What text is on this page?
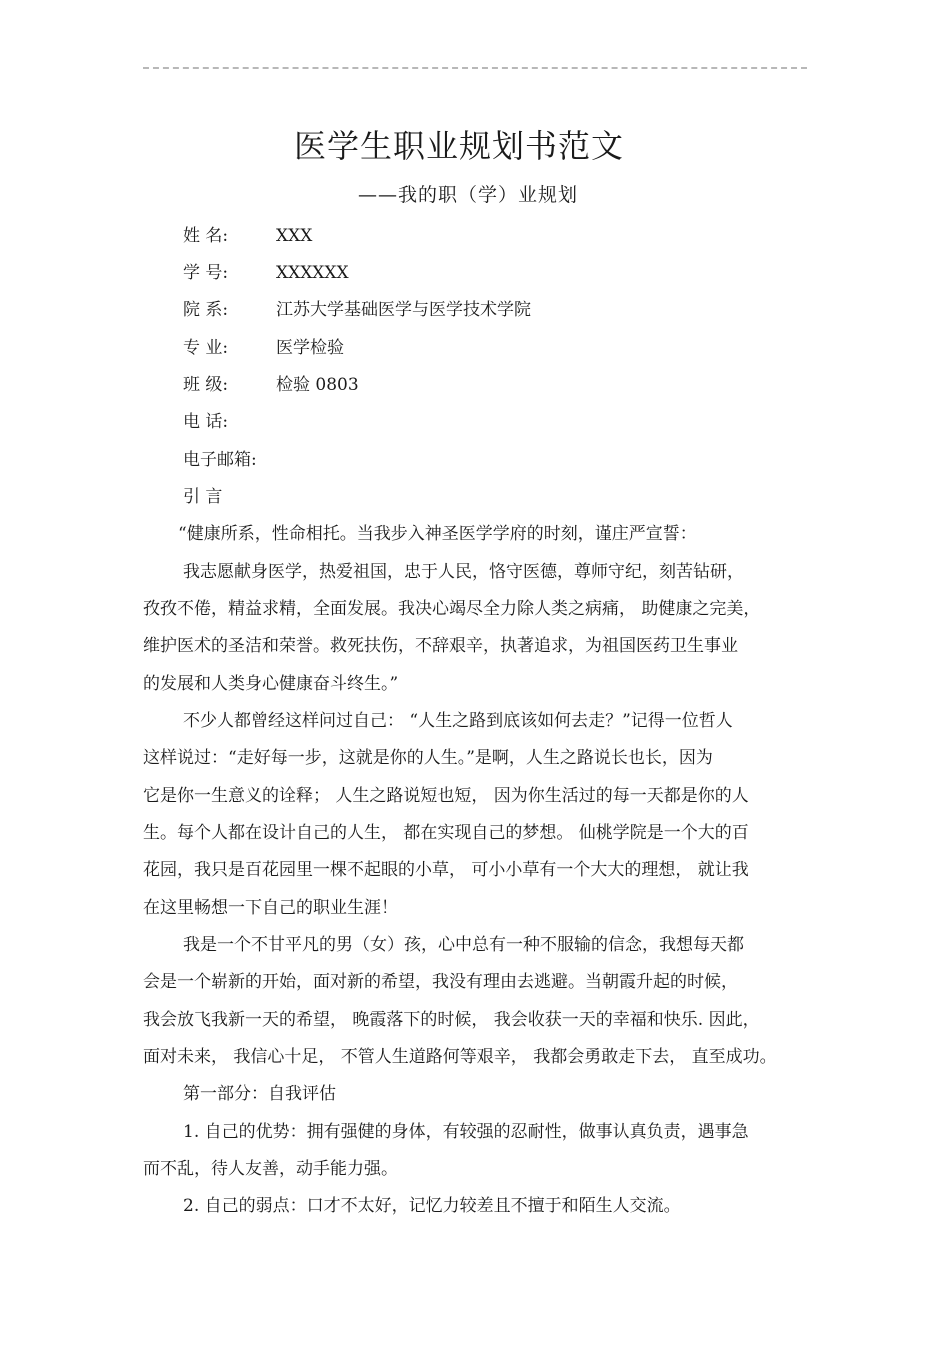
医学生职业规划书范文
——我的职（学）业规划
姓 名:	XXX
学 号:	XXXXXX
院 系:	江苏大学基础医学与医学技术学院
专 业:	医学检验
班 级:	检验 0803
电 话:
电子邮箱:
引 言
“健康所系，性命相托。当我步入神圣医学学府的时刻，谨庄严宣誓：
我志愿献身医学，热爱祖国，忠于人民，恪守医德，尊师守纪，刻苦钻研，
孜孜不倦，精益求精，全面发展。我决心竭尽全力除人类之病痛， 助健康之完美，
维护医术的圣洁和荣誉。救死扶伤，不辞艰辛，执著追求，为祖国医药卫生事业
的发展和人类身心健康奋斗终生。”
不少人都曾经这样问过自己： “人生之路到底该如何去走？”记得一位哲人
这样说过：“走好每一步，这就是你的人生。”是啊，人生之路说长也长，因为
它是你一生意义的诠释； 人生之路说短也短， 因为你生活过的每一天都是你的人
生。每个人都在设计自己的人生， 都在实现自己的梦想。 仙桃学院是一个大的百
花园，我只是百花园里一棵不起眼的小草， 可小小草有一个大大的理想， 就让我
在这里畅想一下自己的职业生涯！
我是一个不甘平凡的男（女）孩，心中总有一种不服输的信念，我想每天都
会是一个崭新的开始，面对新的希望，我没有理由去逃避。当朝霞升起的时候，
我会放飞我新一天的希望， 晚霞落下的时候， 我会收获一天的幸福和快乐. 因此，
面对未来， 我信心十足， 不管人生道路何等艰辛， 我都会勇敢走下去， 直至成功。
第一部分：自我评估
1. 自己的优势：拥有强健的身体，有较强的忍耐性，做事认真负责，遇事急
而不乱，待人友善，动手能力强。
2. 自己的弱点：口才不太好，记忆力较差且不擅于和陌生人交流。
